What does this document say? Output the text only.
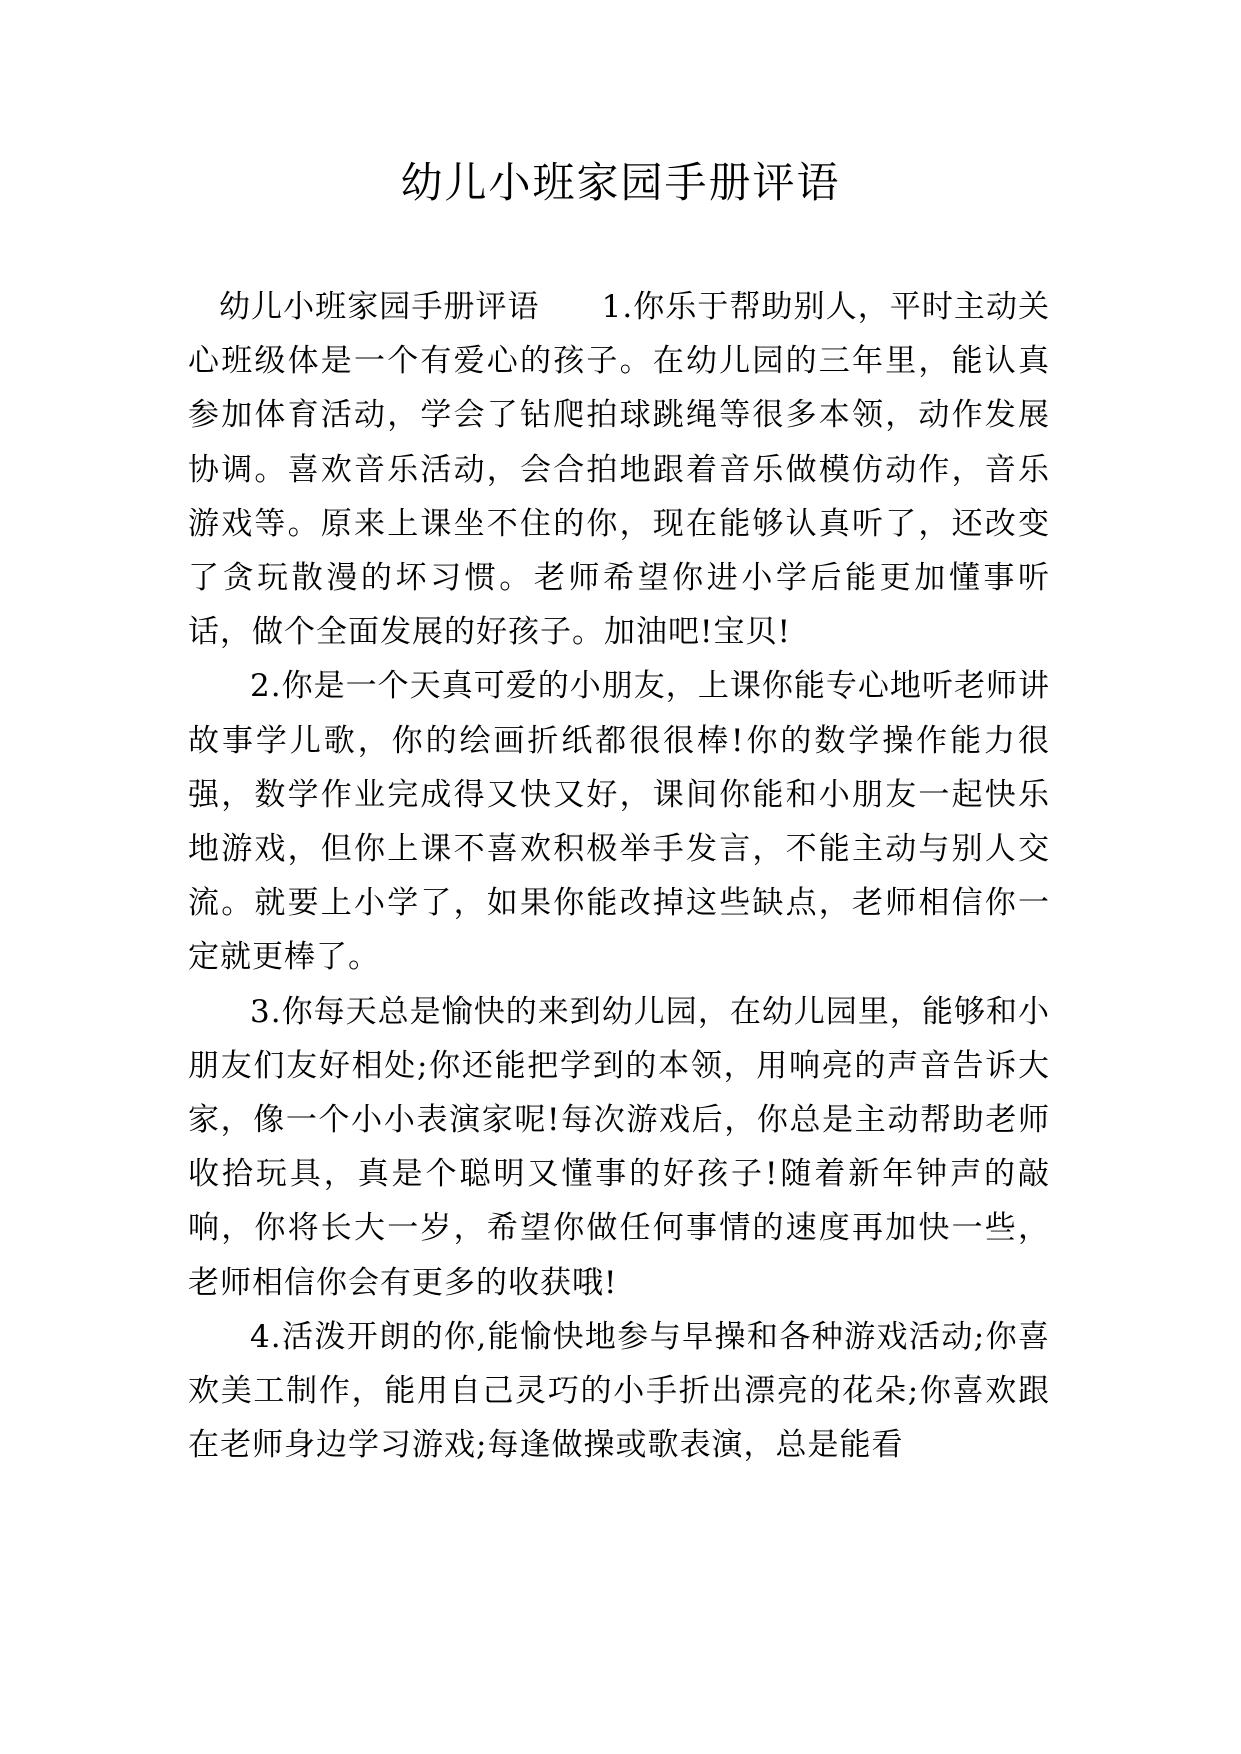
幼儿小班家园手册评语

幼儿小班家园手册评语 1.你乐于帮助别人，平时主动关心班级体是一个有爱心的孩子。在幼儿园的三年里，能认真参加体育活动，学会了钻爬拍球跳绳等很多本领，动作发展协调。喜欢音乐活动，会合拍地跟着音乐做模仿动作，音乐游戏等。原来上课坐不住的你，现在能够认真听了，还改变了贪玩散漫的坏习惯。老师希望你进小学后能更加懂事听话，做个全面发展的好孩子。加油吧!宝贝!

2.你是一个天真可爱的小朋友，上课你能专心地听老师讲故事学儿歌，你的绘画折纸都很很棒!你的数学操作能力很强，数学作业完成得又快又好，课间你能和小朋友一起快乐地游戏，但你上课不喜欢积极举手发言，不能主动与别人交流。就要上小学了，如果你能改掉这些缺点，老师相信你一定就更棒了。

3.你每天总是愉快的来到幼儿园，在幼儿园里，能够和小朋友们友好相处;你还能把学到的本领，用响亮的声音告诉大家，像一个小小表演家呢!每次游戏后，你总是主动帮助老师收拾玩具，真是个聪明又懂事的好孩子!随着新年钟声的敲响，你将长大一岁，希望你做任何事情的速度再加快一些，老师相信你会有更多的收获哦!

4.活泼开朗的你,能愉快地参与早操和各种游戏活动;你喜欢美工制作，能用自己灵巧的小手折出漂亮的花朵;你喜欢跟在老师身边学习游戏;每逢做操或歌表演，总是能看
